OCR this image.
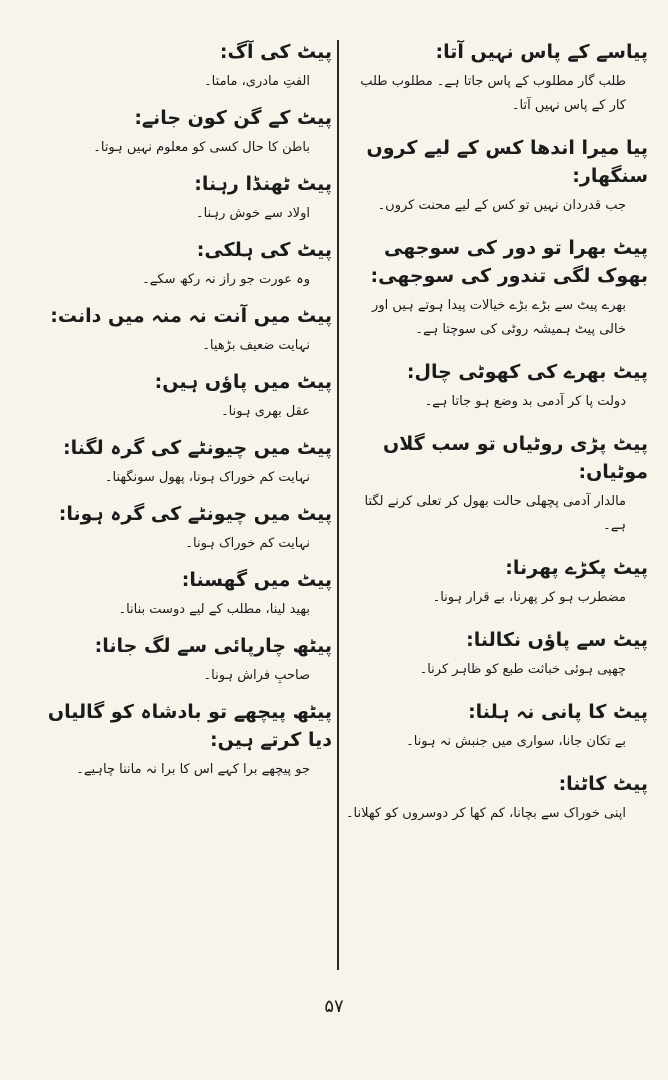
پیاسے کے پاس نہیں آتا:

طلب گار مطلوب کے پاس جاتا ہے۔ مطلوب طلب کار کے پاس نہیں آتا۔

پیا میرا اندھا کس کے لیے کروں سنگھار:

جب قدردان نہیں تو کس کے لیے محنت کروں۔

پیٹ بھرا تو دور کی سوجھی بھوک لگی تندور کی سوجھی:

بھرے پیٹ سے بڑے بڑے خیالات پیدا ہوتے ہیں اور خالی پیٹ ہمیشہ روٹی کی سوچتا ہے۔

پیٹ بھرے کی کھوٹی چال:

دولت پا کر آدمی بد وضع ہو جاتا ہے۔

پیٹ پڑی روٹیاں تو سب گلاں موٹیاں:

مالدار آدمی پچھلی حالت بھول کر تعلی کرنے لگتا ہے۔

پیٹ پکڑے پھرنا:

مضطرب ہو کر پھرنا، بے قرار ہونا۔

پیٹ سے پاؤں نکالنا:

چھپی ہوئی خباثت طبع کو ظاہر کرنا۔

پیٹ کا پانی نہ ہلنا:

بے تکان جانا، سواری میں جنبش نہ ہونا۔

پیٹ کاٹنا:

اپنی خوراک سے بچانا، کم کھا کر دوسروں کو کھلانا۔

پیٹ کی آگ:

الفتِ مادری، مامتا۔

پیٹ کے گن کون جانے:

باطن کا حال کسی کو معلوم نہیں ہوتا۔

پیٹ ٹھنڈا رہنا:

اولاد سے خوش رہنا۔

پیٹ کی ہلکی:

وہ عورت جو راز نہ رکھ سکے۔

پیٹ میں آنت نہ منہ میں دانت:

نہایت ضعیف بڑھیا۔

پیٹ میں پاؤں ہیں:

عقل بھری ہونا۔

پیٹ میں چیونٹے کی گرہ لگنا:

نہایت کم خوراک ہونا، پھول سونگھنا۔

پیٹ میں چیونٹے کی گرہ ہونا:

نہایت کم خوراک ہونا۔

پیٹ میں گھسنا:

بھید لینا، مطلب کے لیے دوست بنانا۔

پیٹھ چارپائی سے لگ جانا:

صاحبِ فراش ہونا۔

پیٹھ پیچھے تو بادشاہ کو گالیاں دیا کرتے ہیں:

جو پیچھے برا کہے اس کا برا نہ ماننا چاہیے۔

۵۷
